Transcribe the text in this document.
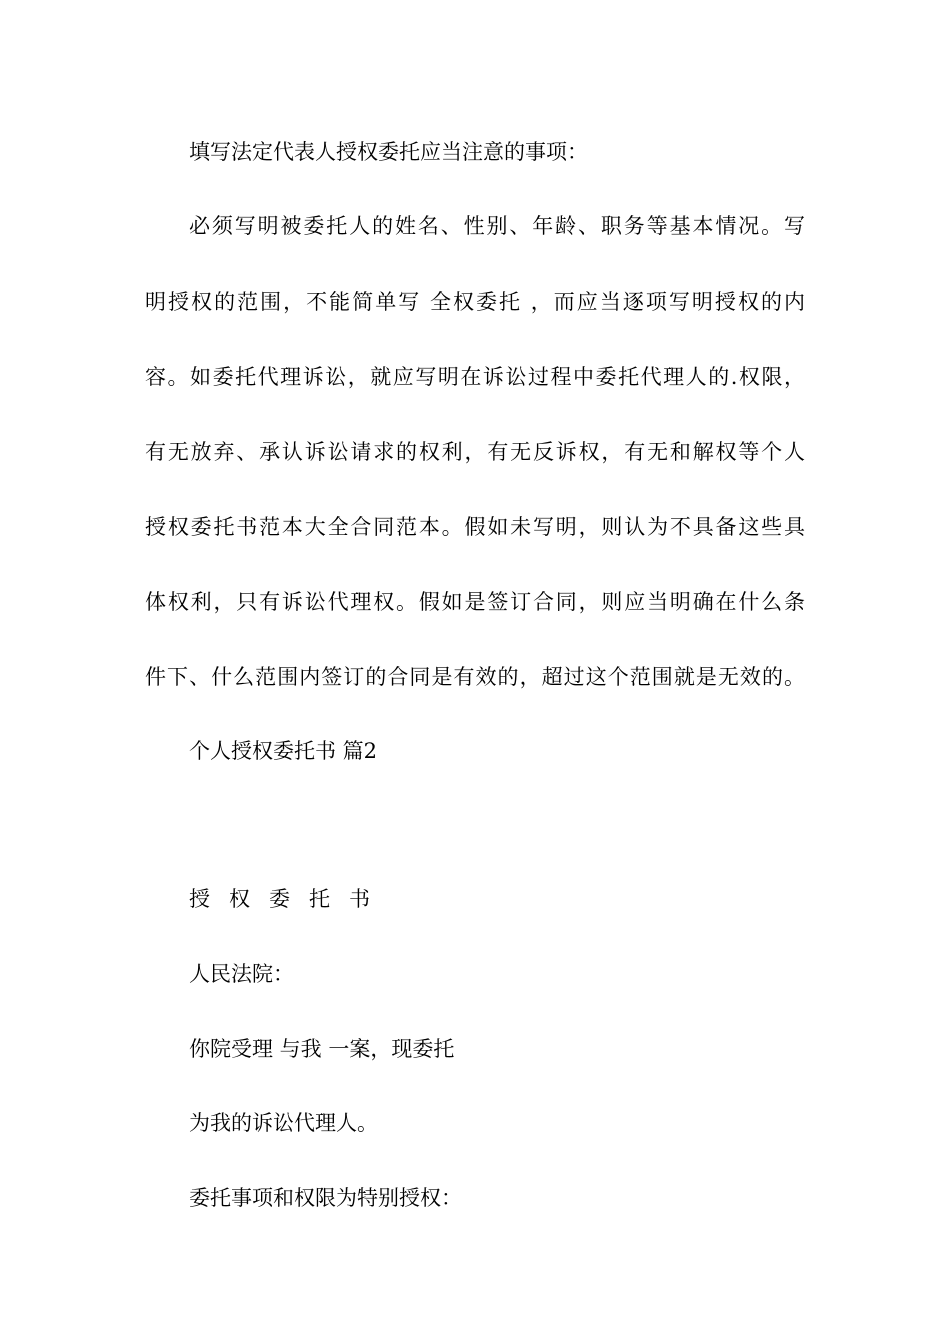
填写法定代表人授权委托应当注意的事项：
必须写明被委托人的姓名、性别、年龄、职务等基本情况。写
明授权的范围，不能简单写 全权委托 ，而应当逐项写明授权的内
容。如委托代理诉讼，就应写明在诉讼过程中委托代理人的.权限，
有无放弃、承认诉讼请求的权利，有无反诉权，有无和解权等个人
授权委托书范本大全合同范本。假如未写明，则认为不具备这些具
体权利，只有诉讼代理权。假如是签订合同，则应当明确在什么条
件下、什么范围内签订的合同是有效的，超过这个范围就是无效的。
个人授权委托书 篇2
授权委托书
人民法院：
你院受理 与我 一案，现委托
为我的诉讼代理人。
委托事项和权限为特别授权：
